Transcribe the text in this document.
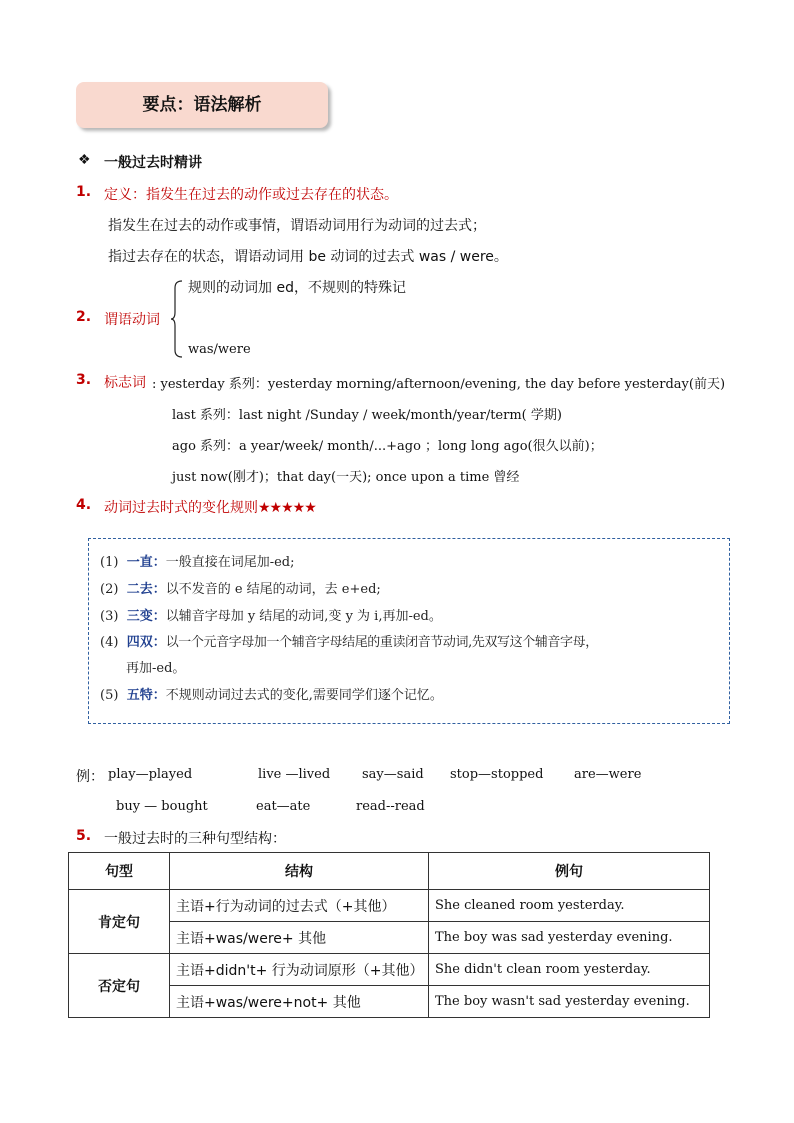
要点：语法解析
❖ 一般过去时精讲
1. 定义：指发生在过去的动作或过去存在的状态。
指发生在过去的动作或事情，谓语动词用行为动词的过去式；
指过去存在的状态，谓语动词用 be 动词的过去式 was / were。
规则的动词加 ed，不规则的特殊记
2. 谓语动词
was/were
3. 标志词 : yesterday 系列：yesterday morning/afternoon/evening, the day before yesterday(前天)
last 系列：last night /Sunday / week/month/year/term( 学期)
ago 系列：a year/week/ month/...+ago ；long long ago(很久以前)；
just now(刚才)；that day(一天); once upon a time 曾经
4. 动词过去时式的变化规则★★★★★
(1) 一直：一般直接在词尾加-ed;
(2) 二去：以不发音的 e 结尾的动词，去 e+ed;
(3) 三变：以辅音字母加 y 结尾的动词,变 y 为 i,再加-ed。
(4) 四双：以一个元音字母加一个辅音字母结尾的重读闭音节动词,先双写这个辅音字母，
再加-ed。
(5) 五特：不规则动词过去式的变化,需要同学们逐个记忆。
例： play—played	live —lived say—said stop—stopped are—were
buy — bought	eat—ate	read--read
5. 一般过去时的三种句型结构：
句型	结构	例句
肯定句	主语+行为动词的过去式（+其他）	She cleaned room yesterday.
	主语+was/were+ 其他	The boy was sad yesterday evening.
否定句	主语+didn't+ 行为动词原形（+其他）	She didn't clean room yesterday.
	主语+was/were+not+ 其他	The boy wasn't sad yesterday evening.
